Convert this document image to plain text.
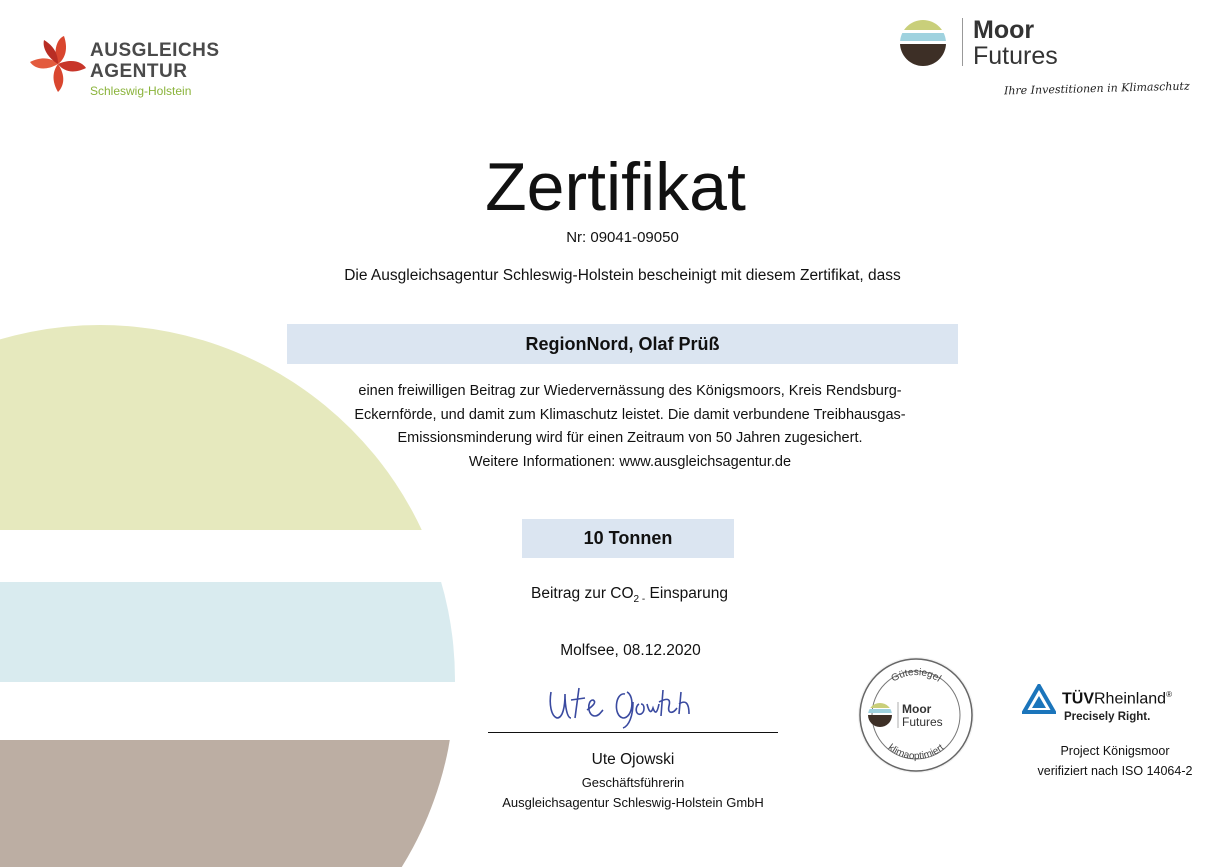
AUSGLEICHS
AGENTUR
Schleswig-Holstein
Moor
Futures
Ihre Investitionen in Klimaschutz
Zertifikat
Nr: 09041-09050
Die Ausgleichsagentur Schleswig-Holstein bescheinigt mit diesem Zertifikat, dass
RegionNord, Olaf Prüß
einen freiwilligen Beitrag zur Wiedervernässung des Königsmoors, Kreis Rendsburg-
Eckernförde, und damit zum Klimaschutz leistet. Die damit verbundene Treibhausgas-
Emissionsminderung wird für einen Zeitraum von 50 Jahren zugesichert.
Weitere Informationen: www.ausgleichsagentur.de
10 Tonnen
Beitrag zur $CO_{2 -}$ Einsparung
Molfsee, 08.12.2020
Ute Ojowski
Geschäftsführerin
Ausgleichsagentur Schleswig-Holstein GmbH
Gütesiegel
klimaoptimiert
Moor
Futures
TÜVRheinland®
Precisely Right.
Project Königsmoor
verifiziert nach ISO 14064-2
